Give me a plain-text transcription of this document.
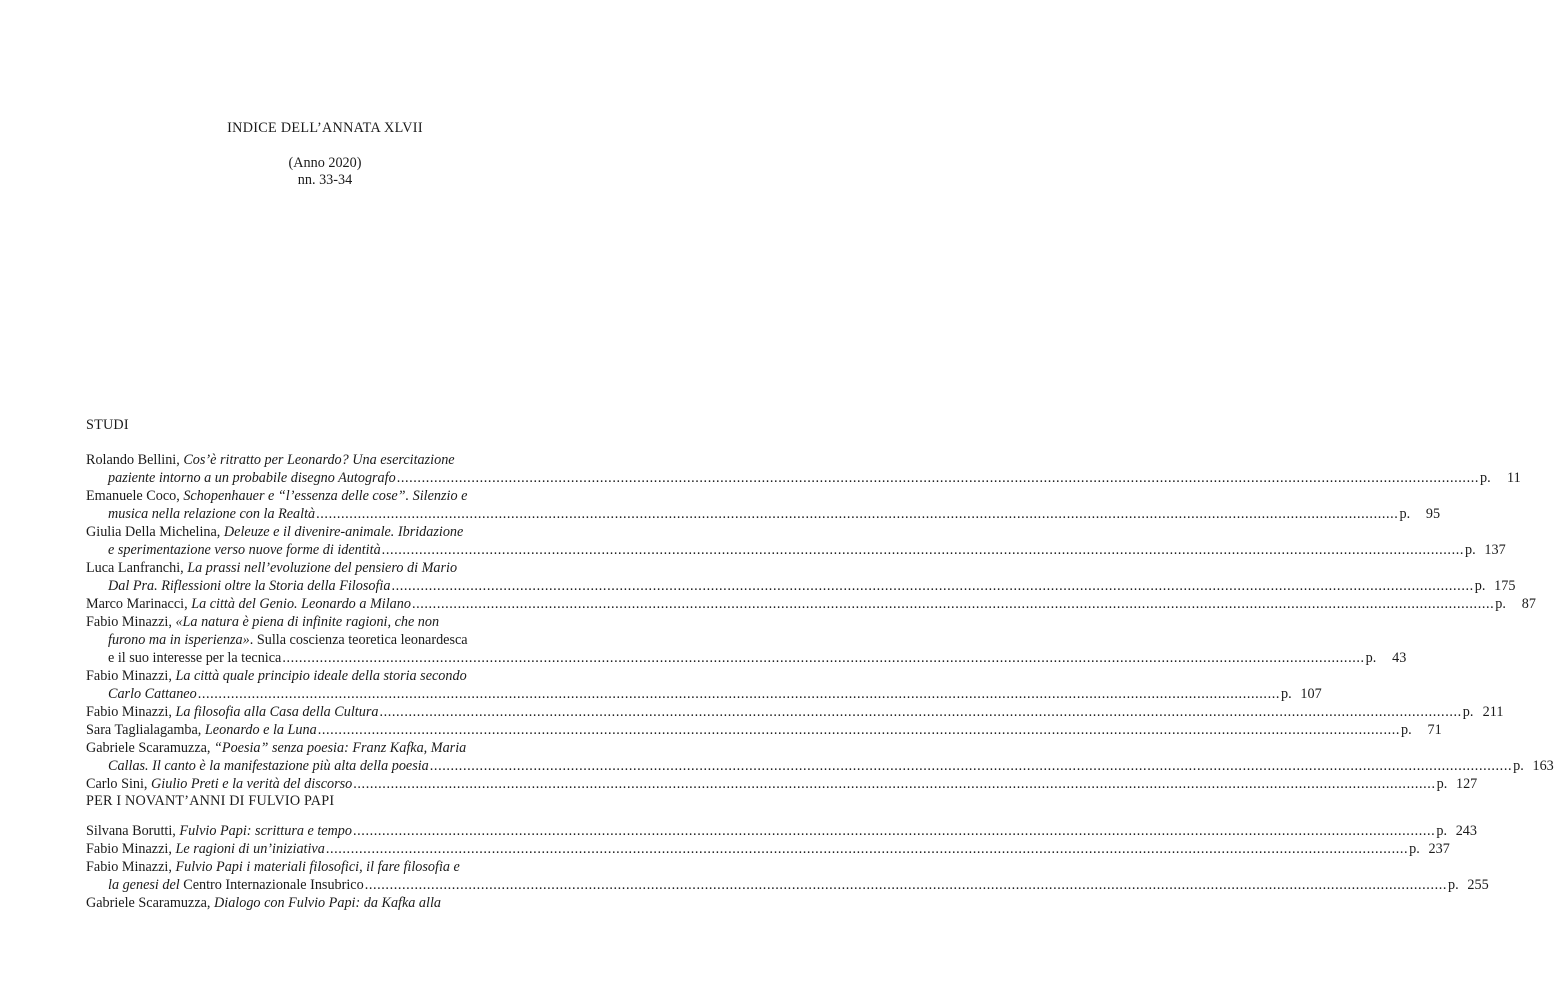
INDICE DELL’ANNATA XLVII
(Anno 2020)
nn. 33-34
STUDI
Rolando Bellini, Cos’è ritratto per Leonardo? Una esercitazione
paziente intorno a un probabile disegno Autografo ..................................................................................................................................................................................................................................................................... p.	11
Emanuele Coco, Schopenhauer e “l’essenza delle cose”. Silenzio e
musica nella relazione con la Realtà ..................................................................................................................................................................................................................................................................... p.	95
Giulia Della Michelina, Deleuze e il divenire-animale. Ibridazione
e sperimentazione verso nuove forme di identità ..................................................................................................................................................................................................................................................................... p. 137
Luca Lanfranchi, La prassi nell’evoluzione del pensiero di Mario
Dal Pra. Riflessioni oltre la Storia della Filosofia ..................................................................................................................................................................................................................................................................... p. 175
Marco Marinacci, La città del Genio. Leonardo a Milano ..................................................................................................................................................................................................................................................................... p.	87
Fabio Minazzi, «La natura è piena di infinite ragioni, che non
furono ma in isperienza». Sulla coscienza teoretica leonardesca
e il suo interesse per la tecnica ..................................................................................................................................................................................................................................................................... p.	43
Fabio Minazzi, La città quale principio ideale della storia secondo
Carlo Cattaneo ..................................................................................................................................................................................................................................................................... p. 107
Fabio Minazzi, La filosofia alla Casa della Cultura ..................................................................................................................................................................................................................................................................... p. 211
Sara Taglialagamba, Leonardo e la Luna ..................................................................................................................................................................................................................................................................... p.	71
Gabriele Scaramuzza, “Poesia” senza poesia: Franz Kafka, Maria
Callas. Il canto è la manifestazione più alta della poesia ..................................................................................................................................................................................................................................................................... p. 163
Carlo Sini, Giulio Preti e la verità del discorso ..................................................................................................................................................................................................................................................................... p. 127
PER I NOVANT’ANNI DI FULVIO PAPI
Silvana Borutti, Fulvio Papi: scrittura e tempo ..................................................................................................................................................................................................................................................................... p. 243
Fabio Minazzi, Le ragioni di un’iniziativa ..................................................................................................................................................................................................................................................................... p. 237
Fabio Minazzi, Fulvio Papi i materiali filosofici, il fare filosofia e
la genesi del Centro Internazionale Insubrico ..................................................................................................................................................................................................................................................................... p. 255
Gabriele Scaramuzza, Dialogo con Fulvio Papi: da Kafka alla
